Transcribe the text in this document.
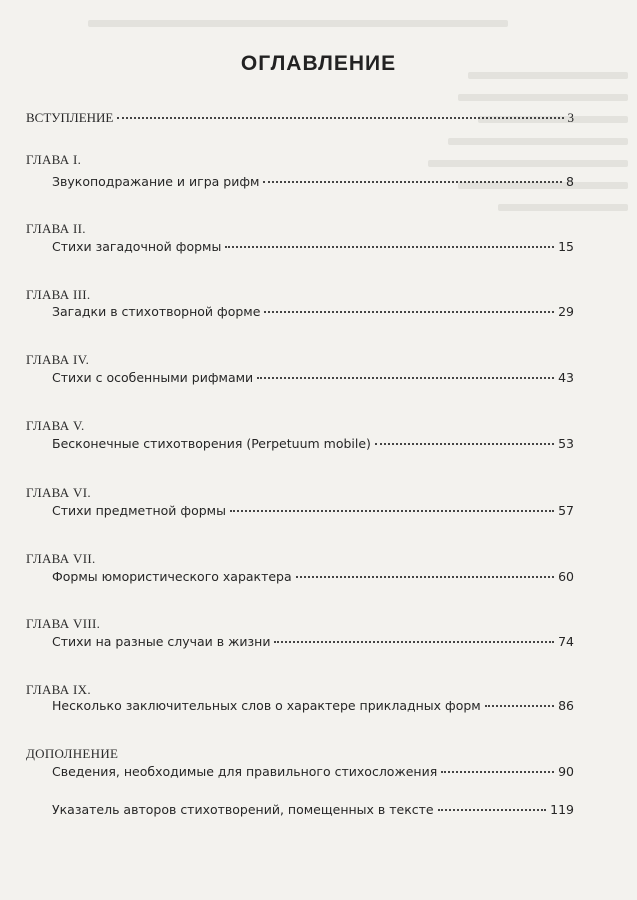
ОГЛАВЛЕНИЕ
ВСТУПЛЕНИЕ	3
ГЛАВА I.
Звукоподражание и игра рифм	8
ГЛАВА II.
Стихи загадочной формы	15
ГЛАВА III.
Загадки в стихотворной форме	29
ГЛАВА IV.
Стихи с особенными рифмами	43
ГЛАВА V.
Бесконечные стихотворения (Perpetuum mobile)	53
ГЛАВА VI.
Стихи предметной формы	57
ГЛАВА VII.
Формы юмористического характера	60
ГЛАВА VIII.
Стихи на разные случаи в жизни	74
ГЛАВА IX.
Несколько заключительных слов о характере прикладных форм	86
ДОПОЛНЕНИЕ
Сведения, необходимые для правильного стихосложения	90
Указатель авторов стихотворений, помещенных в тексте	119
